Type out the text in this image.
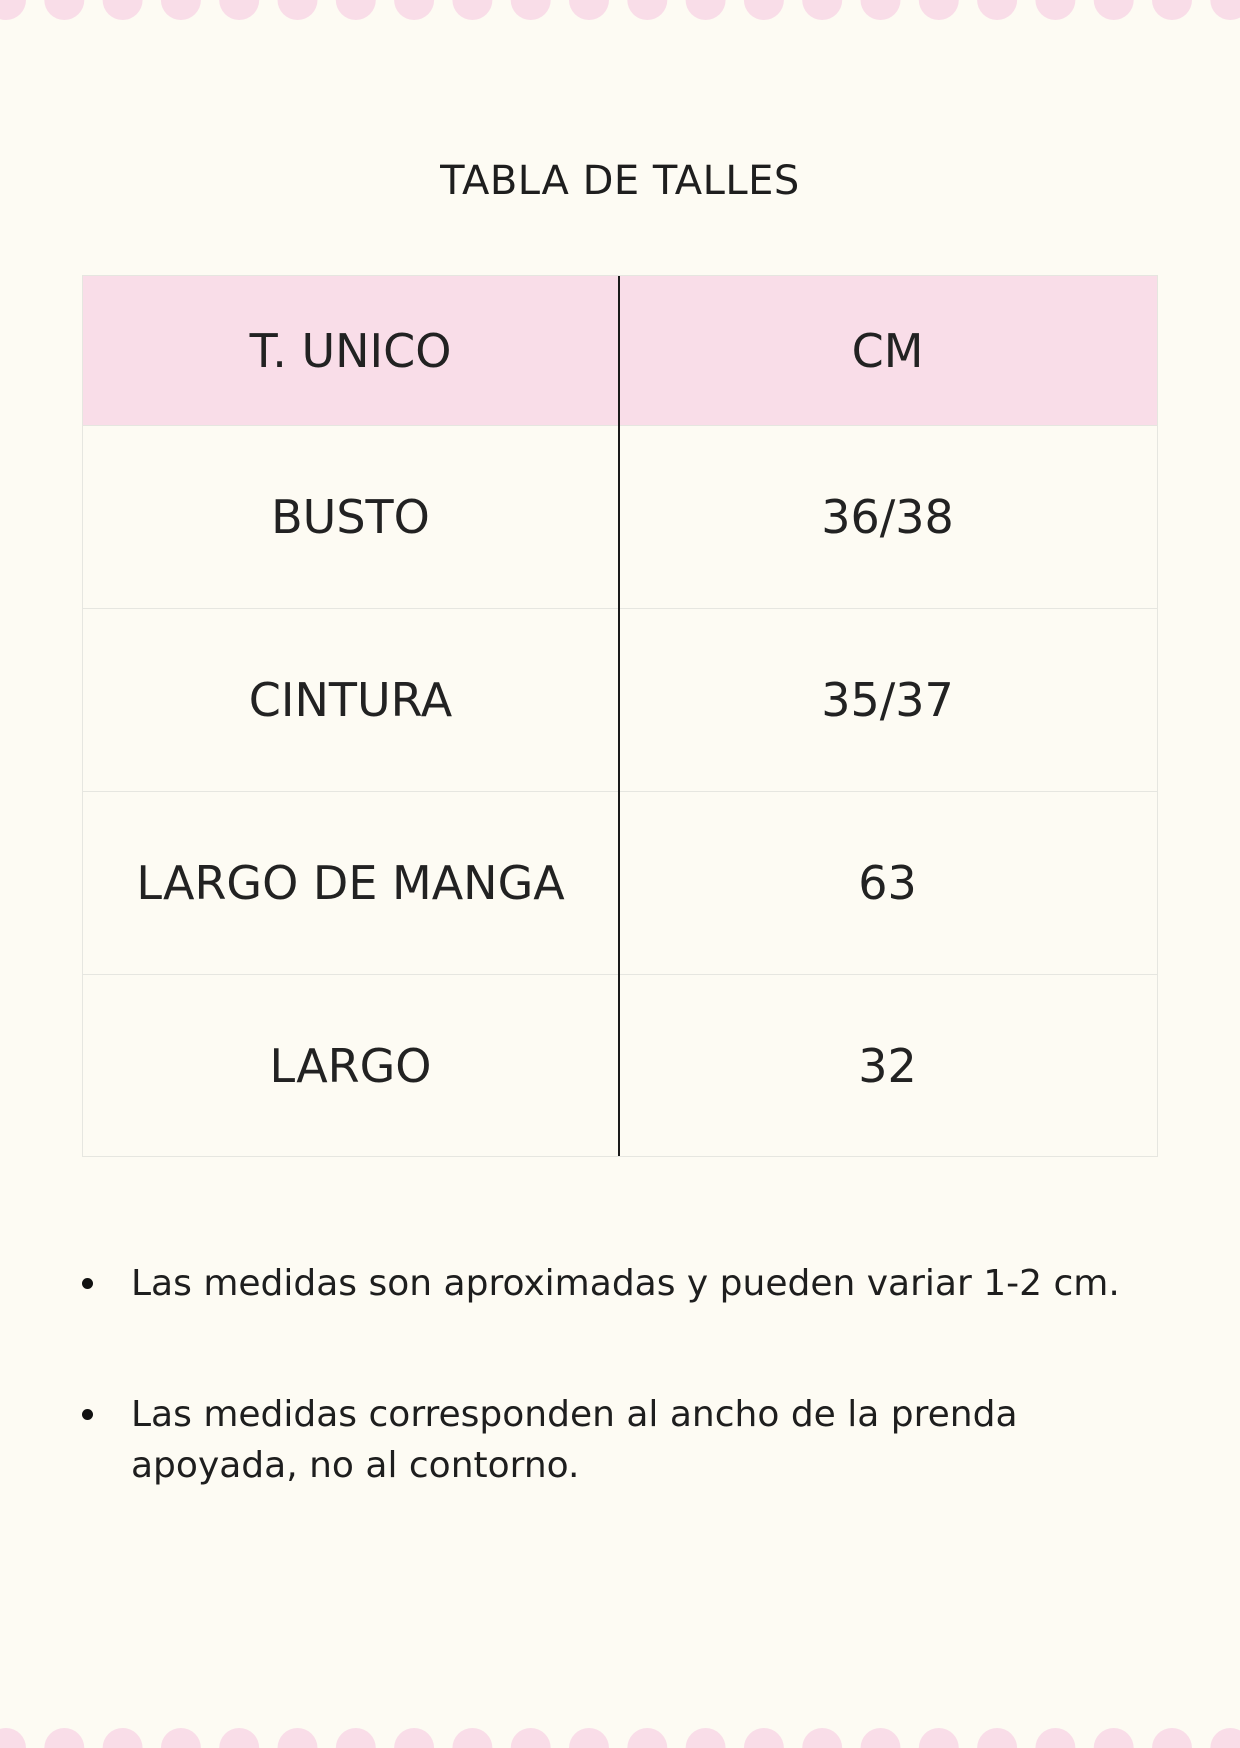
TABLA DE TALLES
T. UNICO	CM
BUSTO	36/38
CINTURA	35/37
LARGO DE MANGA	63
LARGO	32
Las medidas son aproximadas y pueden variar 1-2 cm.
Las medidas corresponden al ancho de la prenda apoyada, no al contorno.
